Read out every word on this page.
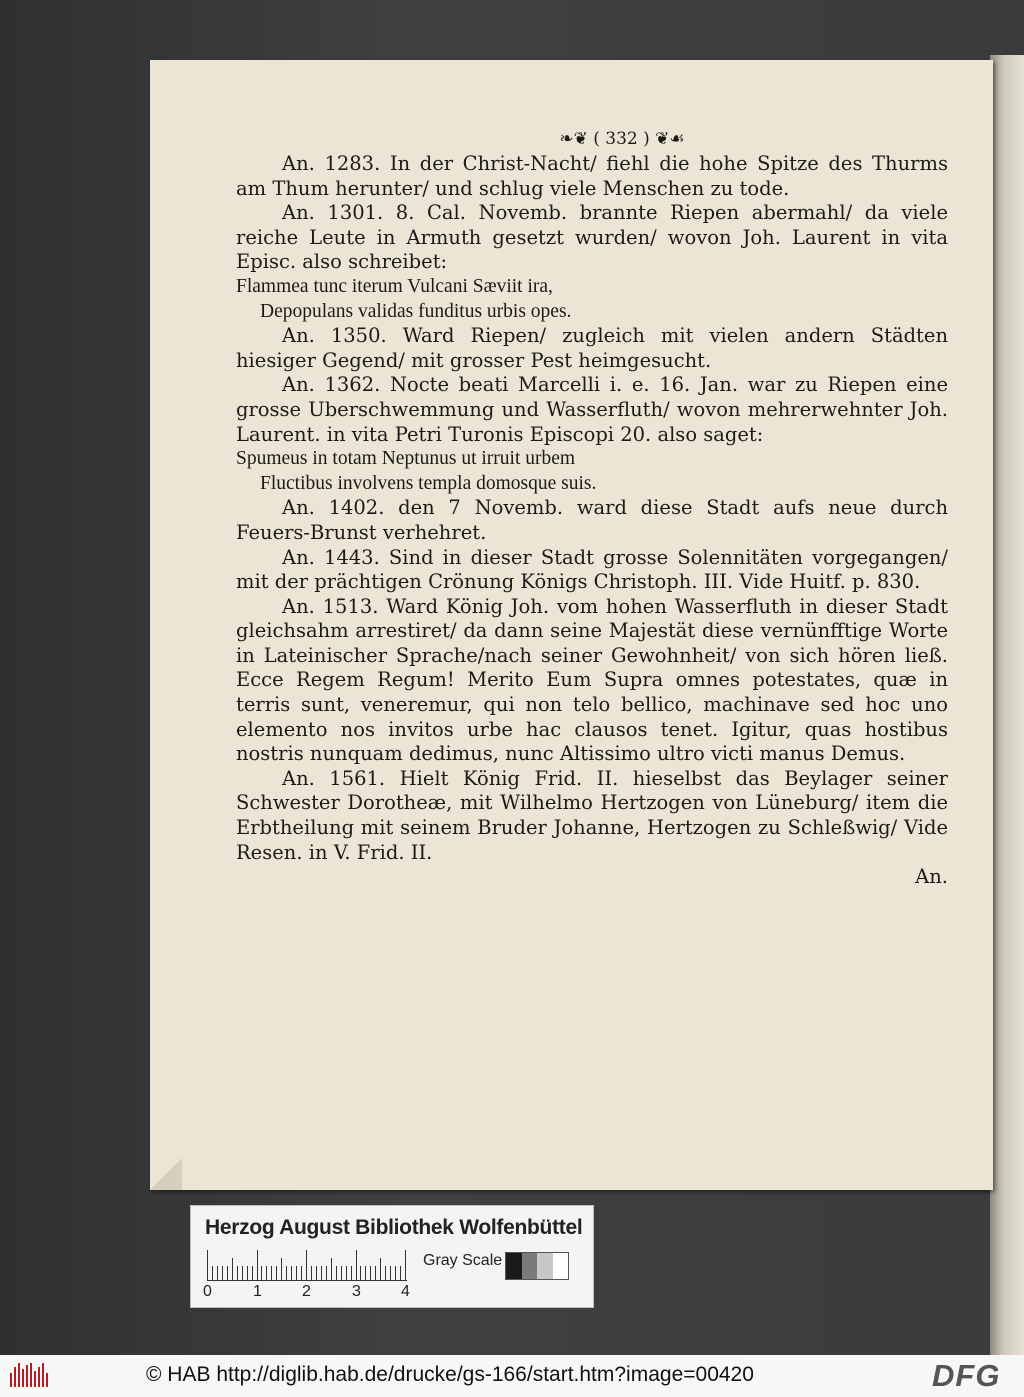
❧❦ ( 332 ) ❦☙

An. 1283. In der Christ-Nacht/ fiehl die hohe Spitze des Thurms am Thum herunter/ und schlug viele Menschen zu tode.

An. 1301. 8. Cal. Novemb. brannte Riepen abermahl/ da viele reiche Leute in Armuth gesetzt wurden/ wovon Joh. Laurent in vita Episc. also schreibet:

Flammea tunc iterum Vulcani Sæviit ira,

Depopulans validas funditus urbis opes.

An. 1350. Ward Riepen/ zugleich mit vielen andern Städten hiesiger Gegend/ mit grosser Pest heimgesucht.

An. 1362. Nocte beati Marcelli i. e. 16. Jan. war zu Riepen eine grosse Uberschwemmung und Wasserfluth/ wovon mehrerwehnter Joh. Laurent. in vita Petri Turonis Episcopi 20. also saget:

Spumeus in totam Neptunus ut irruit urbem

Fluctibus involvens templa domosque suis.

An. 1402. den 7 Novemb. ward diese Stadt aufs neue durch Feuers-Brunst verhehret.

An. 1443. Sind in dieser Stadt grosse Solennitäten vorgegangen/ mit der prächtigen Crönung Königs Christoph. III. Vide Huitf. p. 830.

An. 1513. Ward König Joh. vom hohen Wasserfluth in dieser Stadt gleichsahm arrestiret/ da dann seine Majestät diese vernünfftige Worte in Lateinischer Sprache/nach seiner Gewohnheit/ von sich hören ließ. Ecce Regem Regum! Merito Eum Supra omnes potestates, quæ in terris sunt, veneremur, qui non telo bellico, machinave sed hoc uno elemento nos invitos urbe hac clausos tenet. Igitur, quas hostibus nostris nunquam dedimus, nunc Altissimo ultro victi manus Demus.

An. 1561. Hielt König Frid. II. hieselbst das Beylager seiner Schwester Dorotheæ, mit Wilhelmo Hertzogen von Lüneburg/ item die Erbtheilung mit seinem Bruder Johanne, Hertzogen zu Schleßwig/ Vide Resen. in V. Frid. II.

An.

Herzog August Bibliothek Wolfenbüttel
0	1	2	3	4
Gray Scale
© HAB http://diglib.hab.de/drucke/gs-166/start.htm?image=00420	DFG
